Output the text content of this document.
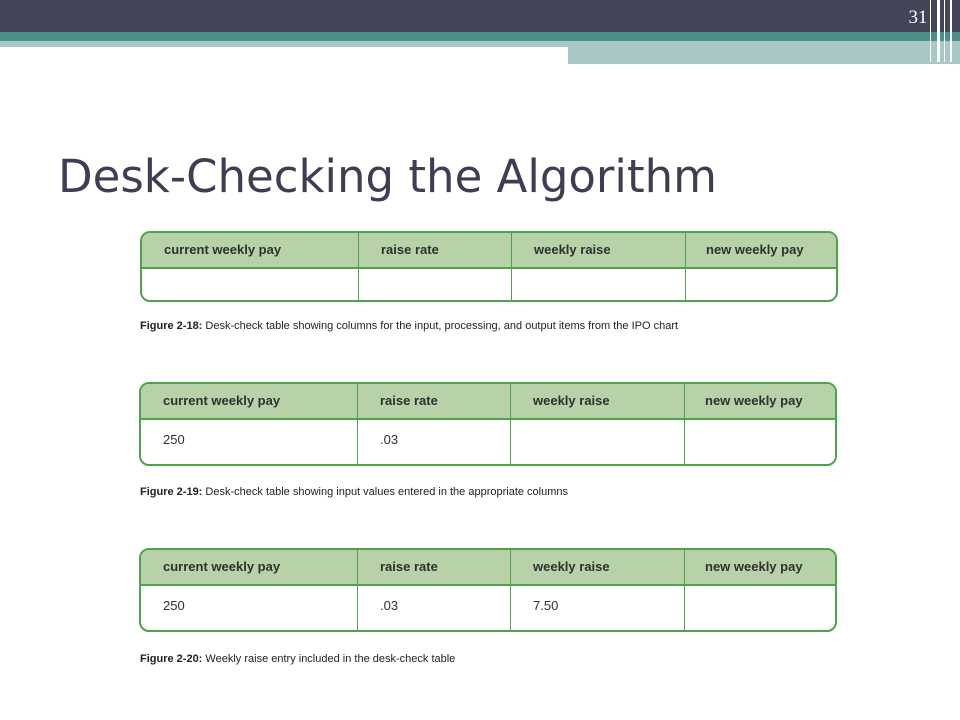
31
Desk-Checking the Algorithm
current weekly pay	raise rate	weekly raise	new weekly pay

Figure 2-18: Desk-check table showing columns for the input, processing, and output items from the IPO chart

current weekly pay	raise rate	weekly raise	new weekly pay
250	.03

Figure 2-19: Desk-check table showing input values entered in the appropriate columns

current weekly pay	raise rate	weekly raise	new weekly pay
250	.03	7.50

Figure 2-20: Weekly raise entry included in the desk-check table
